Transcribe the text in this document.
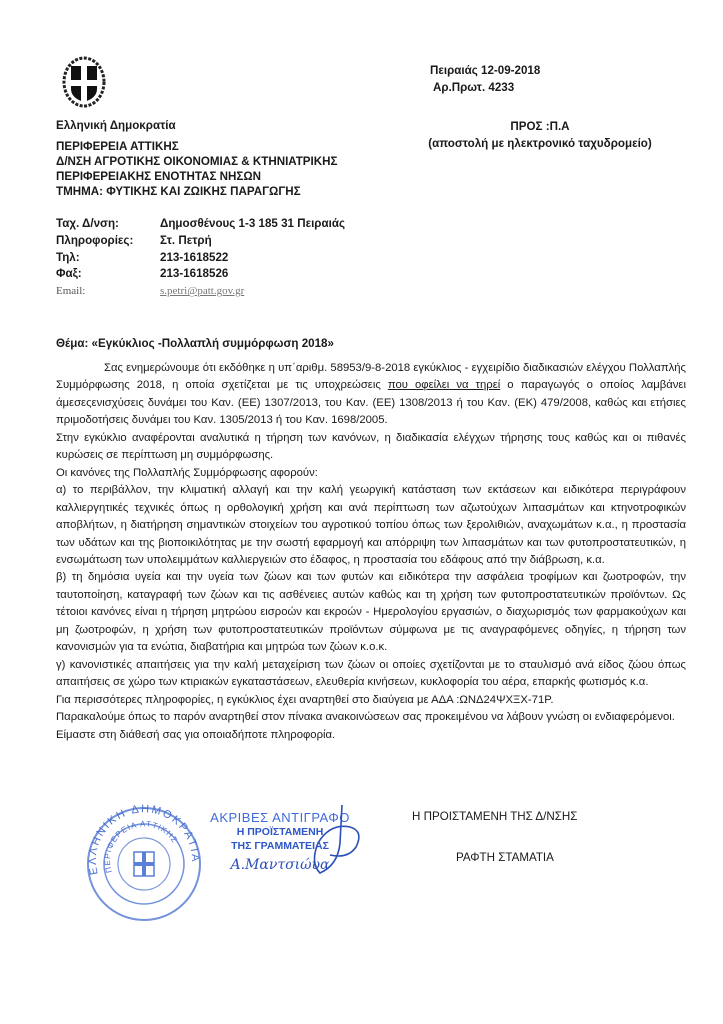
Πειραιάς 12-09-2018
Αρ.Πρωτ. 4233
Ελληνική Δημοκρατία
ΠΕΡΙΦΕΡΕΙΑ ΑΤΤΙΚΗΣ
Δ/ΝΣΗ ΑΓΡΟΤΙΚΗΣ ΟΙΚΟΝΟΜΙΑΣ & ΚΤΗΝΙΑΤΡΙΚΗΣ
ΠΕΡΙΦΕΡΕΙΑΚΗΣ ΕΝΟΤΗΤΑΣ ΝΗΣΩΝ
ΤΜΗΜΑ: ΦΥΤΙΚΗΣ ΚΑΙ ΖΩΙΚΗΣ ΠΑΡΑΓΩΓΗΣ
ΠΡΟΣ :Π.Α
(αποστολή με ηλεκτρονικό ταχυδρομείο)
Ταχ. Δ/νση:	Δημοσθένους 1-3 185 31 Πειραιάς
Πληροφορίες:	Στ. Πετρή
Τηλ:	213-1618522
Φαξ:	213-1618526
Email:	s.petri@patt.gov.gr
Θέμα: «Εγκύκλιος -Πολλαπλή συμμόρφωση 2018»

Σας ενημερώνουμε ότι εκδόθηκε η υπ΄αριθμ. 58953/9-8-2018 εγκύκλιος - εγχειρίδιο διαδικασιών ελέγχου Πολλαπλής Συμμόρφωσης 2018, η οποία σχετίζεται με τις υποχρεώσεις που οφείλει να τηρεί ο παραγωγός ο οποίος λαμβάνει άμεσεςενισχύσεις δυνάμει του Καν. (ΕΕ) 1307/2013, του Καν. (ΕΕ) 1308/2013 ή του Καν. (ΕΚ) 479/2008, καθώς και ετήσιες πριμοδοτήσεις δυνάμει του Καν. 1305/2013 ή του Καν. 1698/2005.

Στην εγκύκλιο αναφέρονται αναλυτικά η τήρηση των κανόνων, η διαδικασία ελέγχων τήρησης τους καθώς και οι πιθανές κυρώσεις σε περίπτωση μη συμμόρφωσης.

Οι κανόνες της Πολλαπλής Συμμόρφωσης αφορούν:

α) το περιβάλλον, την κλιματική αλλαγή και την καλή γεωργική κατάσταση των εκτάσεων και ειδικότερα περιγράφουν καλλιεργητικές τεχνικές όπως η ορθολογική χρήση και ανά περίπτωση των αζωτούχων λιπασμάτων και κτηνοτροφικών αποβλήτων, η διατήρηση σημαντικών στοιχείων του αγροτικού τοπίου όπως των ξερολιθιών, αναχωμάτων κ.α., η προστασία των υδάτων και της βιοποικιλότητας με την σωστή εφαρμογή και απόρριψη των λιπασμάτων και των φυτοπροστατευτικών, η ενσωμάτωση των υπολειμμάτων καλλιεργειών στο έδαφος, η προστασία του εδάφους από την διάβρωση, κ.α.

β) τη δημόσια υγεία και την υγεία των ζώων και των φυτών και ειδικότερα την ασφάλεια τροφίμων και ζωοτροφών, την ταυτοποίηση, καταγραφή των ζώων και τις ασθένειες αυτών καθώς και τη χρήση των φυτοπροστατευτικών προϊόντων. Ως τέτοιοι κανόνες είναι η τήρηση μητρώου εισροών και εκροών - Ημερολογίου εργασιών, ο διαχωρισμός των φαρμακούχων και μη ζωοτροφών, η χρήση των φυτοπροστατευτικών προϊόντων σύμφωνα με τις αναγραφόμενες οδηγίες, η τήρηση των κανονισμών για τα ενώτια, διαβατήρια και μητρώα των ζώων κ.ο.κ.

γ) κανονιστικές απαιτήσεις για την καλή μεταχείριση των ζώων οι οποίες σχετίζονται με το σταυλισμό ανά είδος ζώου όπως απαιτήσεις σε χώρο των κτιριακών εγκαταστάσεων, ελευθερία κινήσεων, κυκλοφορία του αέρα, επαρκής φωτισμός κ.α.

Για περισσότερες πληροφορίες, η εγκύκλιος έχει αναρτηθεί στο διαύγεια με ΑΔΑ :ΩΝΔ24ΨΧΞΧ-71Ρ.

Παρακαλούμε όπως το παρόν αναρτηθεί στον πίνακα ανακοινώσεων σας προκειμένου να λάβουν γνώση οι ενδιαφερόμενοι.

Είμαστε στη διάθεσή σας για οποιαδήποτε πληροφορία.

ΕΛΛΗΝΙΚΗ ΔΗΜΟΚΡΑΤΙΑ
ΠΕΡΙΦΕΡΕΙΑ ΑΤΤΙΚΗΣ
ΑΚΡΙΒΕΣ ΑΝΤΙΓΡΑΦΟ
Η ΠΡΟΪΣΤΑΜΕΝΗ
ΤΗΣ ΓΡΑΜΜΑΤΕΙΑΣ
Α.Μαντσιώυα
Η ΠΡΟΙΣΤΑΜΕΝΗ ΤΗΣ Δ/ΝΣΗΣ
ΡΑΦΤΗ ΣΤΑΜΑΤΙΑ
